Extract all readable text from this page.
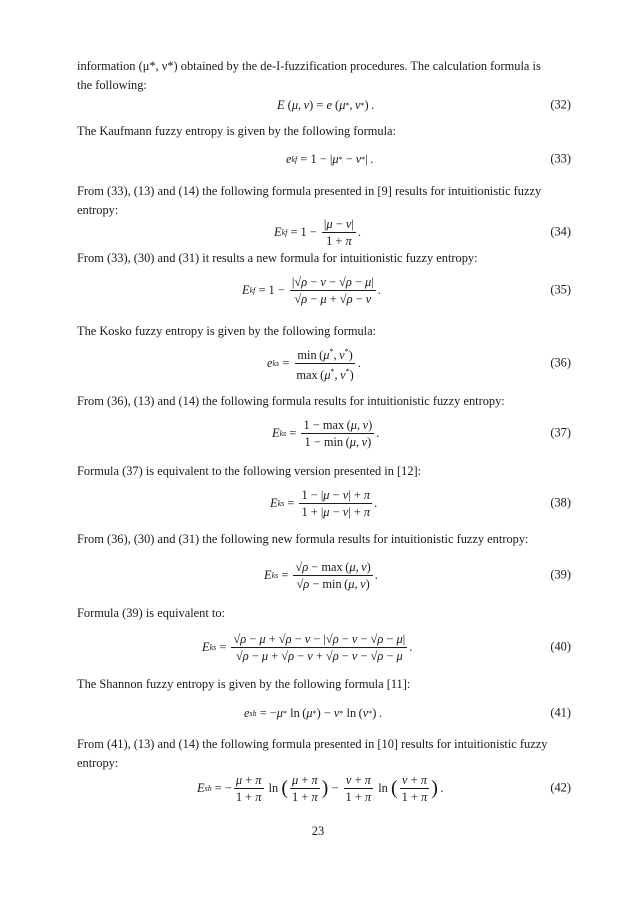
information (μ*, ν*) obtained by the de-I-fuzzification procedures. The calculation formula is
the following:
E ( μ ,  ν ) = e ( μ * ,  ν * ) .	(32)
The Kaufmann fuzzy entropy is given by the following formula:
e kf = 1 − | μ * − ν * | .	(33)
From (33), (13) and (14) the following formula presented in [9] results for intuitionistic fuzzy
entropy:
E kf = $1 - \frac{|\mu - \nu|}{1 + \pi}$ .	(34)
From (33), (30) and (31) it results a new formula for intuitionistic fuzzy entropy:
E kf = $1 - \frac{|√\rho - \nu - √\rho - \mu|}{√\rho - \mu + √\rho - \nu}$ .	(35)
The Kosko fuzzy entropy is given by the following formula:
e ks = $\frac{\min (\mu^*, \nu^*)}{\max (\mu^*, \nu^*)}$ .	(36)
From (36), (13) and (14) the following formula results for intuitionistic fuzzy entropy:
E ks = $\frac{1 - \max (\mu, \nu)}{1 - \min (\mu, \nu)}$ .	(37)
Formula (37) is equivalent to the following version presented in [12]:
E ks = $\frac{1 - |\mu - \nu| + \pi}{1 + |\mu - \nu| + \pi}$ .	(38)
From (36), (30) and (31) the following new formula results for intuitionistic fuzzy entropy:
E ks = $\frac{√\rho - \max (\mu, \nu)}{√\rho - \min (\mu, \nu)}$ .	(39)
Formula (39) is equivalent to:
E ks = $\frac{√\rho - \mu + √\rho - \nu - |√\rho - \nu - √\rho - \mu|}{√\rho - \mu + √\rho - \nu + √\rho - \nu - √\rho - \mu}$ .	(40)
The Shannon fuzzy entropy is given by the following formula [11]:
e sh = − μ * ln ( μ * ) − ν * ln ( ν * ) .	(41)
From (41), (13) and (14) the following formula presented in [10] results for intuitionistic fuzzy
entropy:
E sh = − $\frac{\mu + \pi}{1 + \pi}$ ln ( $\frac{\mu + \pi}{1 + \pi}$ ) − $\frac{\nu + \pi}{1 + \pi}$ ln ( $\frac{\nu + \pi}{1 + \pi}$ )  .	(42)
23
